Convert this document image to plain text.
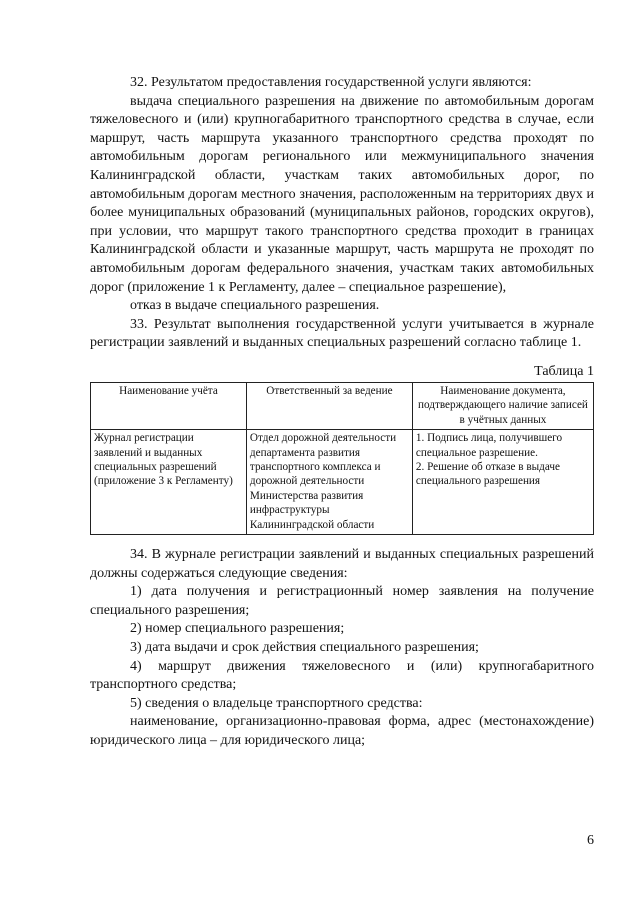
32. Результатом предоставления государственной услуги являются:

выдача специального разрешения на движение по автомобильным дорогам тяжеловесного и (или) крупногабаритного транспортного средства в случае, если маршрут, часть маршрута указанного транспортного средства проходят по автомобильным дорогам регионального или межмуниципального значения Калининградской области, участкам таких автомобильных дорог, по автомобильным дорогам местного значения, расположенным на территориях двух и более муниципальных образований (муниципальных районов, городских округов), при условии, что маршрут такого транспортного средства проходит в границах Калининградской области и указанные маршрут, часть маршрута не проходят по автомобильным дорогам федерального значения, участкам таких автомобильных дорог (приложение 1 к Регламенту, далее – специальное разрешение),

отказ в выдаче специального разрешения.

33. Результат выполнения государственной услуги учитывается в журнале регистрации заявлений и выданных специальных разрешений согласно таблице 1.

Таблица 1
Наименование учёта	Ответственный за ведение	Наименование документа, подтверждающего наличие записей в учётных данных
Журнал регистрации заявлений и выданных специальных разрешений (приложение 3 к Регламенту)	Отдел дорожной деятельности департамента развития транспортного комплекса и дорожной деятельности Министерства развития инфраструктуры Калининградской области	1. Подпись лица, получившего специальное разрешение.
2. Решение об отказе в выдаче специального разрешения

34. В журнале регистрации заявлений и выданных специальных разрешений должны содержаться следующие сведения:

1) дата получения и регистрационный номер заявления на получение специального разрешения;

2) номер специального разрешения;

3) дата выдачи и срок действия специального разрешения;

4) маршрут движения тяжеловесного и (или) крупногабаритного транспортного средства;

5) сведения о владельце транспортного средства:

наименование, организационно-правовая форма, адрес (местонахождение) юридического лица – для юридического лица;

6
